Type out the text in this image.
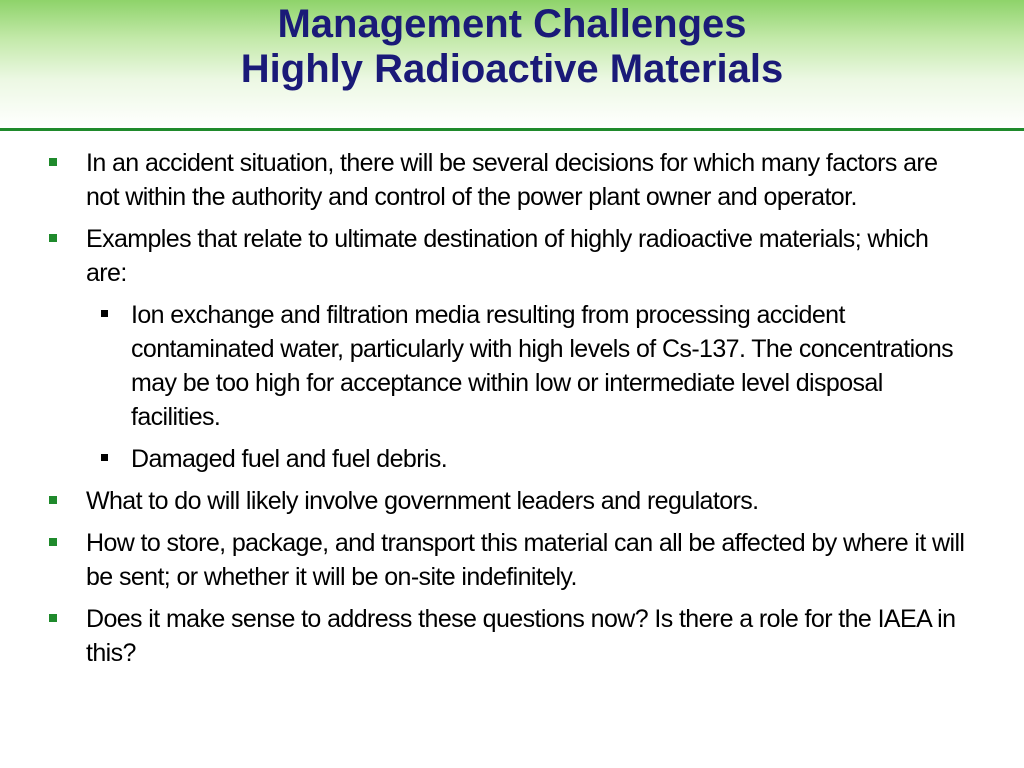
Management Challenges
Highly Radioactive Materials
In an accident situation, there will be several decisions for which many factors are not within the authority and control of the power plant owner and operator.
Examples that relate to ultimate destination of highly radioactive materials; which are:
Ion exchange and filtration media resulting from processing accident contaminated water, particularly with high levels of Cs-137. The concentrations may be too high for acceptance within low or intermediate level disposal facilities.
Damaged fuel and fuel debris.
What to do will likely involve government leaders and regulators.
How to store, package, and transport this material can all be affected by where it will be sent; or whether it will be on-site indefinitely.
Does it make sense to address these questions now? Is there a role for the IAEA in this?
